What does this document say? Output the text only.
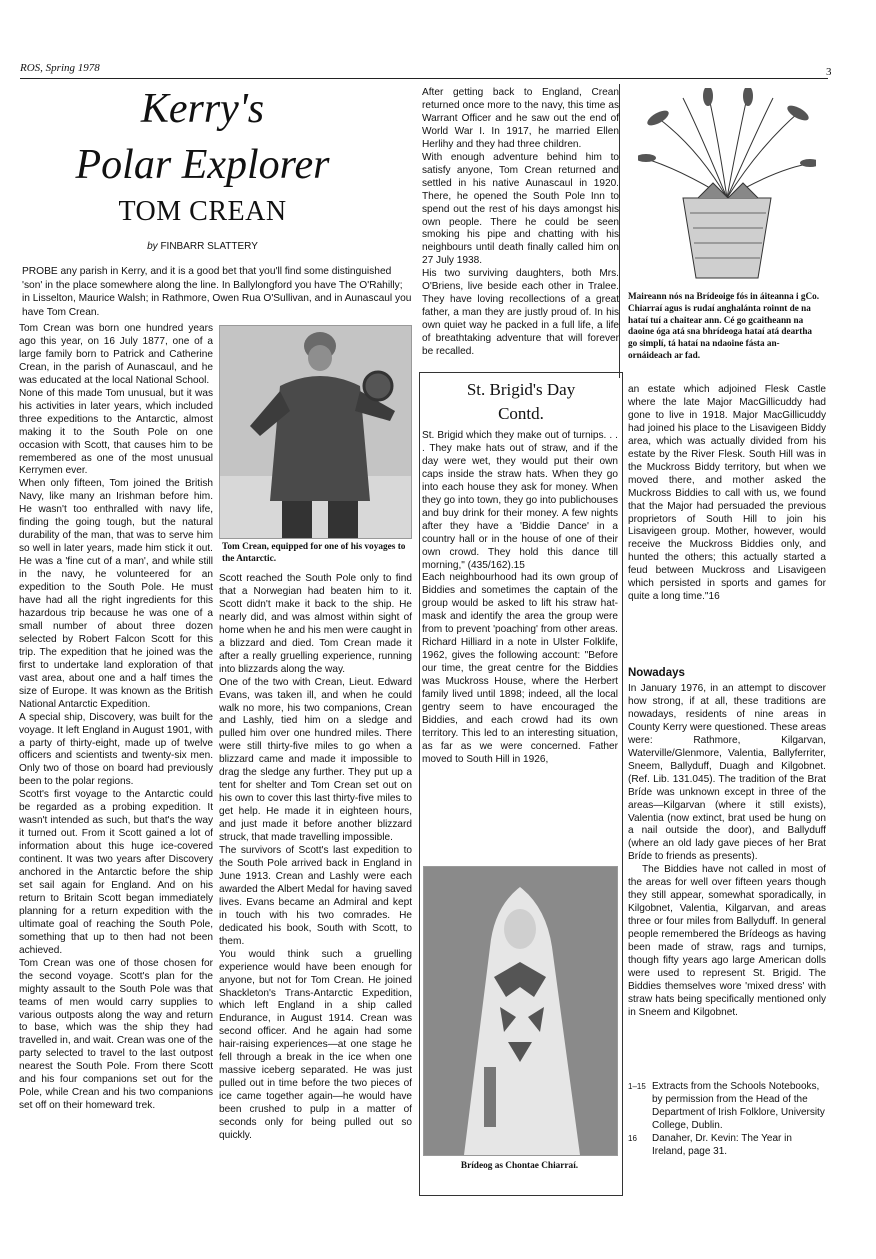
ROS, Spring 1978	3
Kerry's
Polar Explorer
TOM CREAN
by FINBARR SLATTERY
PROBE any parish in Kerry, and it is a good bet that you'll find some distinguished 'son' in the place somewhere along the line. In Ballylongford you have The O'Rahilly; in Lisselton, Maurice Walsh; in Rathmore, Owen Rua O'Sullivan, and in Aunascaul you have Tom Crean.

Tom Crean was born one hundred years ago this year, on 16 July 1877, one of a large family born to Patrick and Catherine Crean, in the parish of Aunascaul, and he was educated at the local National School.

None of this made Tom unusual, but it was his activities in later years, which included three expeditions to the Antarctic, almost making it to the South Pole on one occasion with Scott, that causes him to be remembered as one of the most unusual Kerrymen ever.

When only fifteen, Tom joined the British Navy, like many an Irishman before him. He wasn't too enthralled with navy life, finding the going tough, but the natural durability of the man, that was to serve him so well in later years, made him stick it out. He was a 'fine cut of a man', and while still in the navy, he volunteered for an expedition to the South Pole. He must have had all the right ingredients for this hazardous trip because he was one of a small number of about three dozen selected by Robert Falcon Scott for this trip. The expedition that he joined was the first to undertake land exploration of that vast area, about one and a half times the size of Europe. It was known as the British National Antarctic Expedition.

A special ship, Discovery, was built for the voyage. It left England in August 1901, with a party of thirty-eight, made up of twelve officers and scientists and twenty-six men. Only two of those on board had previously been to the polar regions.

Scott's first voyage to the Antarctic could be regarded as a probing expedition. It wasn't intended as such, but that's the way it turned out. From it Scott gained a lot of information about this huge ice-covered continent. It was two years after Discovery anchored in the Antarctic before the ship set sail again for England. And on his return to Britain Scott began immediately planning for a return expedition with the ultimate goal of reaching the South Pole, something that up to then had not been achieved.

Tom Crean was one of those chosen for the second voyage. Scott's plan for the mighty assault to the South Pole was that teams of men would carry supplies to various outposts along the way and return to base, which was the ship they had travelled in, and wait. Crean was one of the party selected to travel to the last outpost nearest the South Pole. From there Scott and his four companions set out for the Pole, while Crean and his two companions set off on their homeward trek.

Tom Crean, equipped for one of his voyages to the Antarctic.

Scott reached the South Pole only to find that a Norwegian had beaten him to it. Scott didn't make it back to the ship. He nearly did, and was almost within sight of home when he and his men were caught in a blizzard and died. Tom Crean made it after a really gruelling experience, running into blizzards along the way.

One of the two with Crean, Lieut. Edward Evans, was taken ill, and when he could walk no more, his two companions, Crean and Lashly, tied him on a sledge and pulled him over one hundred miles. There were still thirty-five miles to go when a blizzard came and made it impossible to drag the sledge any further. They put up a tent for shelter and Tom Crean set out on his own to cover this last thirty-five miles to get help. He made it in eighteen hours, and just made it before another blizzard struck, that made travelling impossible.

The survivors of Scott's last expedition to the South Pole arrived back in England in June 1913. Crean and Lashly were each awarded the Albert Medal for having saved lives. Evans became an Admiral and kept in touch with his two comrades. He dedicated his book, South with Scott, to them.

You would think such a gruelling experience would have been enough for anyone, but not for Tom Crean. He joined Shackleton's Trans-Antarctic Expedition, which left England in a ship called Endurance, in August 1914. Crean was second officer. And he again had some hair-raising experiences—at one stage he fell through a break in the ice when one massive iceberg separated. He was just pulled out in time before the two pieces of ice came together again—he would have been crushed to pulp in a matter of seconds only for being pulled out so quickly.

After getting back to England, Crean returned once more to the navy, this time as Warrant Officer and he saw out the end of World War I. In 1917, he married Ellen Herlihy and they had three children.

With enough adventure behind him to satisfy anyone, Tom Crean returned and settled in his native Aunascaul in 1920. There, he opened the South Pole Inn to spend out the rest of his days amongst his own people. There he could be seen smoking his pipe and chatting with his neighbours until death finally called him on 27 July 1938.

His two surviving daughters, both Mrs. O'Briens, live beside each other in Tralee. They have loving recollections of a great father, a man they are justly proud of. In his own quiet way he packed in a full life, a life of breathtaking adventure that will forever be recalled.

St. Brigid's Day
Contd.

St. Brigid which they make out of turnips. . . . They make hats out of straw, and if the day were wet, they would put their own caps inside the straw hats. When they go into each house they ask for money. When they go into town, they go into publichouses and buy drink for their money. A few nights after they have a 'Biddie Dance' in a country hall or in the house of one of their own crowd. They hold this dance till morning," (435/162).15

Each neighbourhood had its own group of Biddies and sometimes the captain of the group would be asked to lift his straw hat-mask and identify the area the group were from to prevent 'poaching' from other areas. Richard Hilliard in a note in Ulster Folklife, 1962, gives the following account: "Before our time, the great centre for the Biddies was Muckross House, where the Herbert family lived until 1898; indeed, all the local gentry seem to have encouraged the Biddies, and each crowd had its own territory. This led to an interesting situation, as far as we were concerned. Father moved to South Hill in 1926,

Brídeog as Chontae Chiarraí.
Maireann nós na Brídeoige fós in áiteanna i gCo. Chiarraí agus is rudaí anghalánta roinnt de na hataí tuí a chaitear ann. Cé go gcaitheann na daoine óga atá sna bhrídeoga hataí atá deartha go simplí, tá hataí na ndaoine fásta an-ornáideach ar fad.

an estate which adjoined Flesk Castle where the late Major MacGillicuddy had gone to live in 1918. Major MacGillicuddy had joined his place to the Lisavigeen Biddy area, which was actually divided from his estate by the River Flesk. South Hill was in the Muckross Biddy territory, but when we moved there, and mother asked the Muckross Biddies to call with us, we found that the Major had persuaded the previous proprietors of South Hill to join his Lisavigeen group. Mother, however, would receive the Muckross Biddies only, and hunted the others; this actually started a feud between Muckross and Lisavigeen which persisted in sports and games for quite a long time."16

Nowadays

In January 1976, in an attempt to discover how strong, if at all, these traditions are nowadays, residents of nine areas in County Kerry were questioned. These areas were: Rathmore, Kilgarvan, Waterville/Glenmore, Valentia, Ballyferriter, Sneem, Ballyduff, Duagh and Kilgobnet. (Ref. Lib. 131.045). The tradition of the Brat Bríde was unknown except in three of the areas—Kilgarvan (where it still exists), Valentia (now extinct, brat used be hung on a nail outside the door), and Ballyduff (where an old lady gave pieces of her Brat Bríde to friends as presents).

The Biddies have not called in most of the areas for well over fifteen years though they still appear, somewhat sporadically, in Kilgobnet, Valentia, Kilgarvan, and areas three or four miles from Ballyduff. In general people remembered the Brídeogs as having been made of straw, rags and turnips, though fifty years ago large American dolls were used to represent St. Brigid. The Biddies themselves wore 'mixed dress' with straw hats being specifically mentioned only in Sneem and Kilgobnet.

1–15 Extracts from the Schools Notebooks, by permission from the Head of the Department of Irish Folklore, University College, Dublin.
16	Danaher, Dr. Kevin: The Year in Ireland, page 31.
